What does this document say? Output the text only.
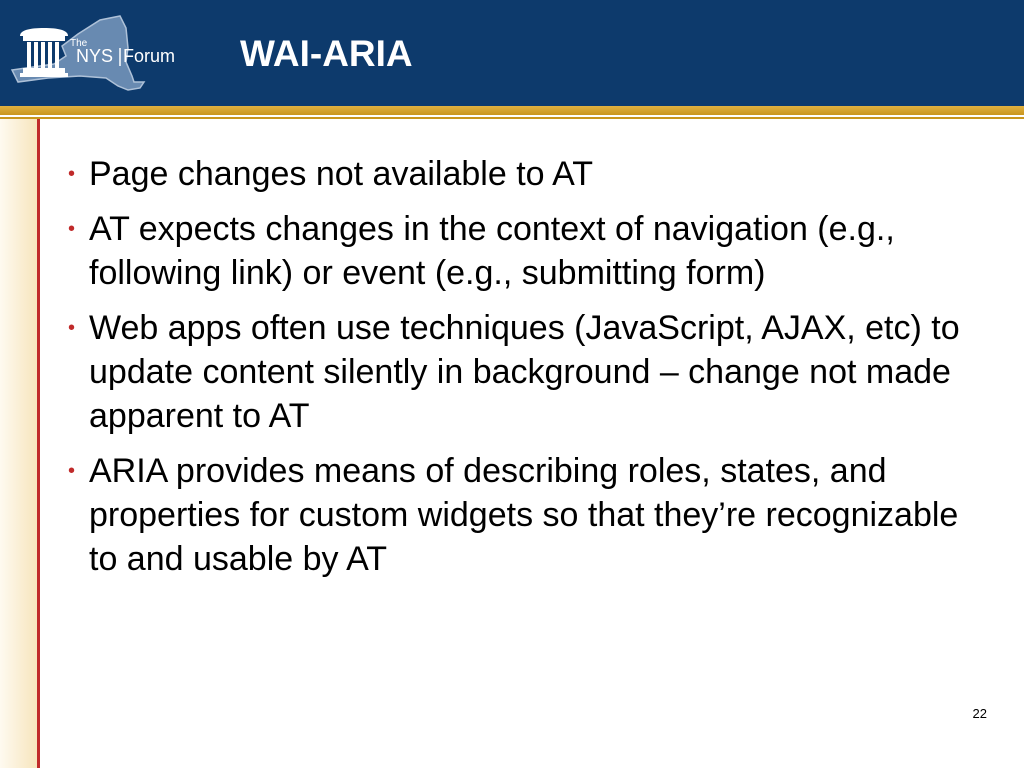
The
NYS Forum WAI-ARIA
• Page changes not available to AT
• AT expects changes in the context of navigation (e.g., following link) or event (e.g., submitting form)
• Web apps often use techniques (JavaScript, AJAX, etc) to update content silently in background – change not made apparent to AT
• ARIA provides means of describing roles, states, and properties for custom widgets so that they’re recognizable to and usable by AT
22
